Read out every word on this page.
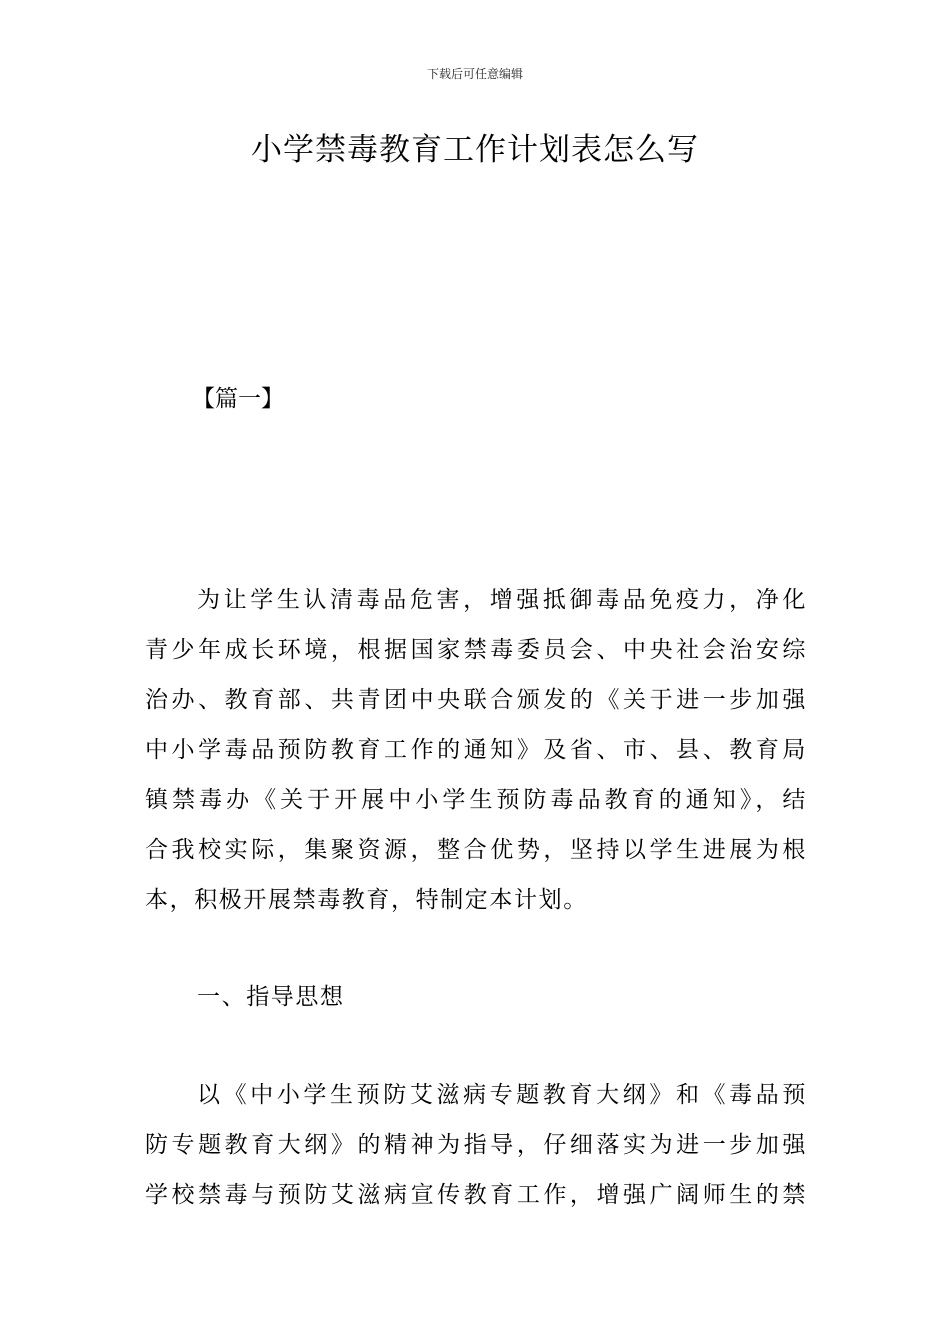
下载后可任意编辑
小学禁毒教育工作计划表怎么写
【篇一】
为让学生认清毒品危害，增强抵御毒品免疫力，净化
青少年成长环境，根据国家禁毒委员会、中央社会治安综
治办、教育部、共青团中央联合颁发的《关于进一步加强
中小学毒品预防教育工作的通知》及省、市、县、教育局
镇禁毒办《关于开展中小学生预防毒品教育的通知》，结
合我校实际，集聚资源，整合优势，坚持以学生进展为根
本，积极开展禁毒教育，特制定本计划。
一、指导思想
以《中小学生预防艾滋病专题教育大纲》和《毒品预
防专题教育大纲》的精神为指导，仔细落实为进一步加强
学校禁毒与预防艾滋病宣传教育工作，增强广阔师生的禁
